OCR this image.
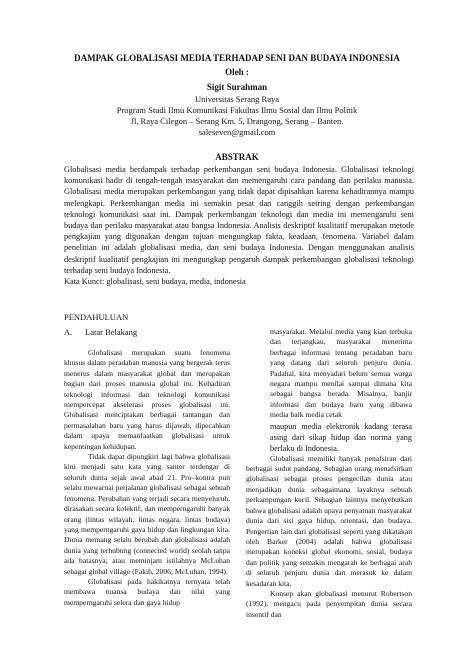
DAMPAK GLOBALISASI MEDIA TERHADAP SENI DAN BUDAYA INDONESIA
Oleh :
Sigit Surahman
Universitas Serang Raya
Program Studi Ilmu Komunikasi Fakultas Ilmu Sosial dan Ilmu Politik
Jl. Raya Cilegon – Serang Km. 5, Drangong, Serang – Banten.
saleseven@gmail.com
ABSTRAK

Globalisasi media berdampak terhadap perkembangan seni budaya Indonesia. Globalisasi teknologi komunikasi hadir di tengah-tengah masyarakat dan memengaruhi cara pandang dan perilaku manusia. Globalisasi media merupakan perkembangan yang tidak dapat dipisahkan karena kehadirannya mampu melengkapi. Perkembangan media ini semakin pesat dan canggih seiring dengan perkembangan teknologi komunikasi saat ini. Dampak perkembangan teknologi dan media ini memengaruhi seni budaya dan perilaku masyarakat atau bangsa Indonesia. Analisis deskriptif kualitatif merupakan metode pengkajian yang digunakan dengan tujuan mengungkap fakta, keadaan, fenomena. Variabel dalam penelitian ini adalah globalisasi media, dan seni budaya Indonesia. Dengan menggunakan analisis deskriptif kualitatif pengkajian ini mengungkap pengaruh dampak perkembangan globalisasi teknologi terhadap seni budaya Indonesia.

Kata Kunci: globalisasi, seni budaya, media, indonesia

PENDAHULUAN
A.      Latar Belakang

Globalisasi merupakan suatu fenomena khusus dalam peradaban manusia yang bergerak terus menerus dalam masyarakat global dan merupakan bagian dari proses manusia global itu. Kehadiran teknologi informasi dan teknologi komunikasi mempercepat akselerasi proses globalisasi ini. Globalisasi menciptakan berbagai tantangan dan permasalahan baru yang harus dijawab, dipecahkan dalam upaya memanfaatkan globalisasi untuk kepentingan kehidupan.

Tidak dapat dipungkiri lagi bahwa globalisasi kini menjadi satu kata yang santer terdengar di seluruh dunia sejak awal abad 21. Pro–kontra pun selalu mewarnai perjalanan globalisasi sebagai sebuah fenomena. Perubahan yang terjadi secara menyeluruh, dirasakan secara kolektif, dan memperngaruhi banyak orang (lintas wilayah, lintas negara, lintas budaya) yang memperngaruhi gaya hidup dan lingkungan kita. Dunia memang selalu berubah dan globalisasi adalah dunia yang terhubung (connected world) seolah tanpa ada batasnya; atau meminjam istilahnya McLuhan sebagai global village (Fakih, 2006; McLuhan, 1994).

Globalisasi pada hakikatnya ternyata telah membawa nuansa budaya dan nilai yang memperngaruhi selera dan gaya hidup

masyarakat. Melalui media yang kian terbuka dan terjangkau, masyarakat menerima berbagai informasi tentang peradaban baru yang datang dari seluruh penjuru dunia. Padahal, kita menyadari belum semua warga negara mampu menilai sampai dimana kita sebagai bangsa berada. Misalnya, banjir informasi dan budaya baru yang dibawa media baik media cetak

maupun media elektronik kadang terasa asing dari sikap hidup dan norma yang berlaku di Indonesia.

Globalisasi memiliki banyak penafsiran dari berbagai sudut pandang. Sebagian orang menafsirkan globalisasi sebagai proses pengecilan dunia atau menjadikan dunia sebagaimana layaknya sebuah perkampungan kecil. Sebagian lainnya menyebutkan bahwa globalisasi adalah upaya penyatuan masyarakat dunia dari sisi gaya hidup, orientasi, dan budaya. Pengertian lain dari globalisasi seperti yang dikatakan oleh Barker (2004) adalah bahwa globalisasi merupakan koneksi global ekonomi, sosial, budaya dan politik yang semakin mengarah ke berbagai arah di seluruh penjuru dunia dan merasuk ke dalam kesadaran kita.

Konsep akan globalisasi menurut Robertson (1992), mengacu pada penyempitan dunia secara insentif dan
